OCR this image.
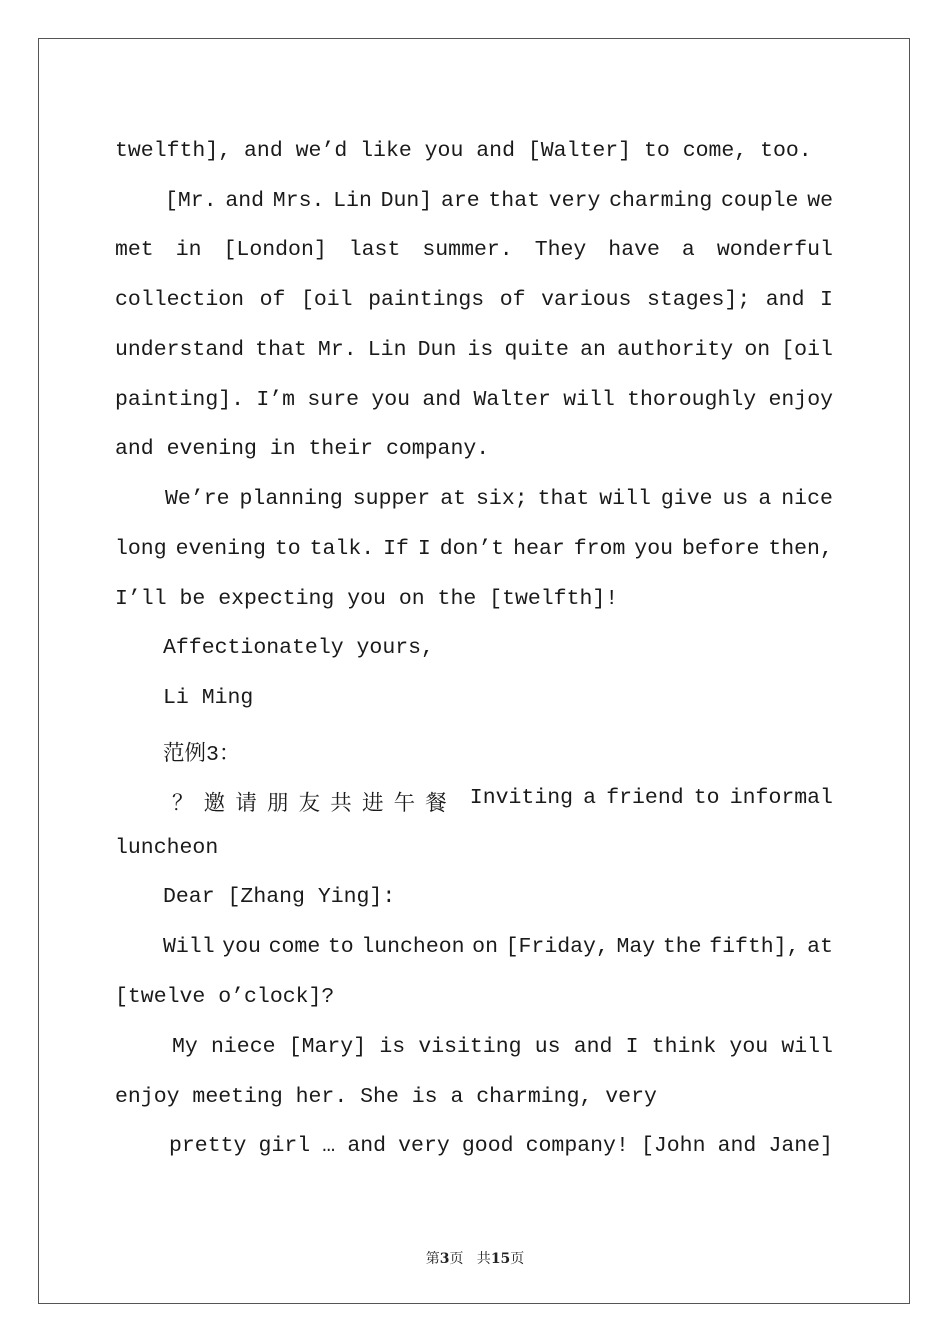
twelfth], and we’d like you and [Walter] to come, too.
[Mr. and Mrs. Lin Dun] are that very charming couple we
met in [London] last summer. They have a wonderful
collection of [oil paintings of various stages]; and I
understand that Mr. Lin Dun is quite an authority on [oil
painting]. I’m sure you and Walter will thoroughly enjoy
and evening in their company.
We’re planning supper at six; that will give us a nice
long evening to talk. If I don’t hear from you before then,
I’ll be expecting you on the [twelfth]!
Affectionately yours,
Li Ming
范例3：
？ 邀 请 朋 友 共 进 午 餐 Inviting a friend to informal
luncheon
Dear [Zhang Ying]:
Will you come to luncheon on [Friday, May the fifth], at
[twelve o’clock]?
My niece [Mary] is visiting us and I think you will
enjoy meeting her. She is a charming, very
pretty girl … and very good company! [John and Jane]
第3页   共15页
